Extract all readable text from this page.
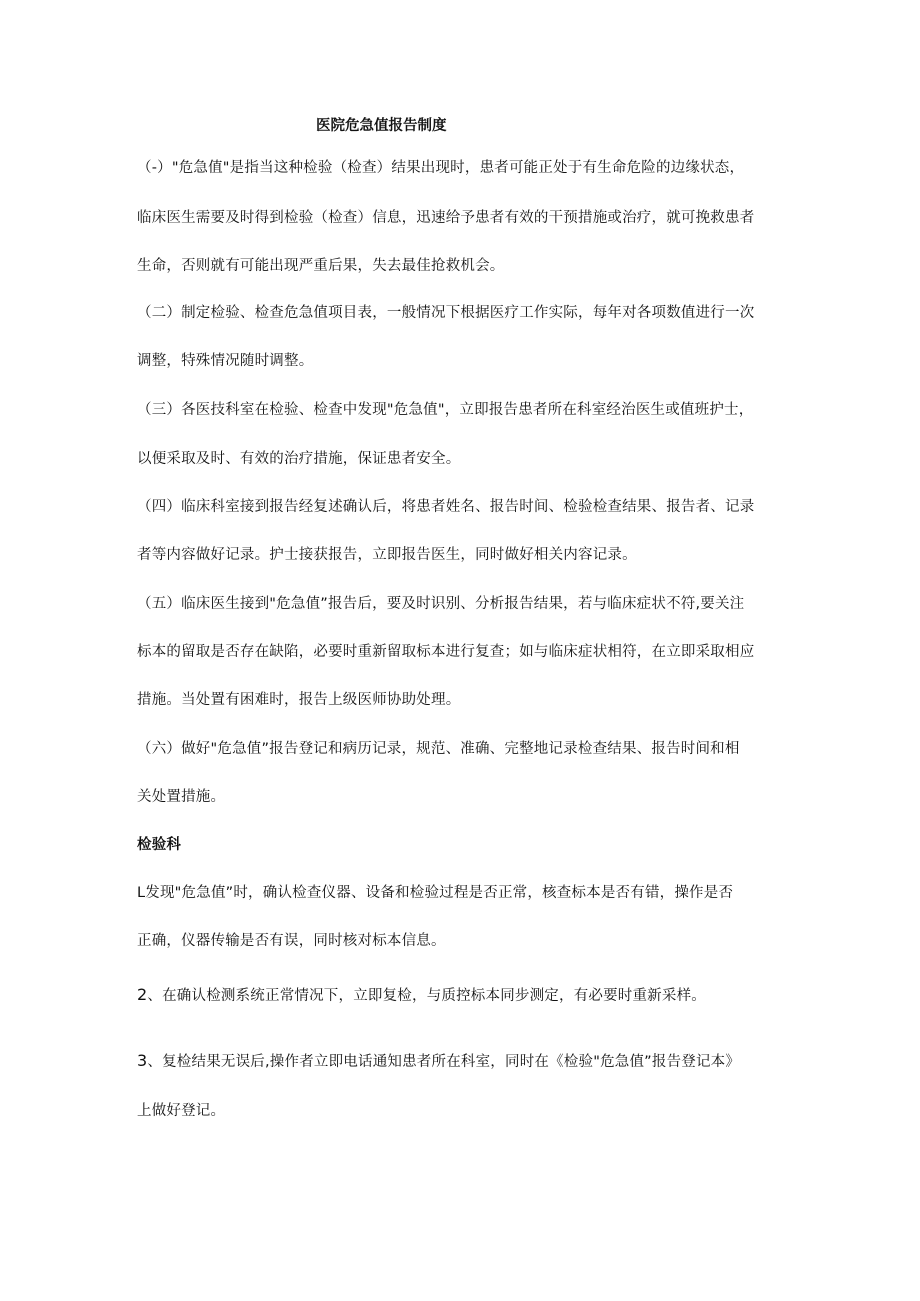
医院危急值报告制度
（-）"危急值"是指当这种检验（检查）结果出现时，患者可能正处于有生命危险的边缘状态，
临床医生需要及时得到检验（检查）信息，迅速给予患者有效的干预措施或治疗，就可挽救患者
生命，否则就有可能出现严重后果，失去最佳抢救机会。
（二）制定检验、检查危急值项目表，一般情况下根据医疗工作实际，每年对各项数值进行一次
调整，特殊情况随时调整。
（三）各医技科室在检验、检查中发现"危急值"，立即报告患者所在科室经治医生或值班护士，
以便采取及时、有效的治疗措施，保证患者安全。
（四）临床科室接到报告经复述确认后，将患者姓名、报告时间、检验检查结果、报告者、记录
者等内容做好记录。护士接获报告，立即报告医生，同时做好相关内容记录。
（五）临床医生接到"危急值”报告后，要及时识别、分析报告结果，若与临床症状不符,要关注
标本的留取是否存在缺陷，必要时重新留取标本进行复查；如与临床症状相符，在立即采取相应
措施。当处置有困难时，报告上级医师协助处理。
（六）做好"危急值”报告登记和病历记录，规范、准确、完整地记录检查结果、报告时间和相
关处置措施。
检验科
L发现"危急值”时，确认检查仪器、设备和检验过程是否正常，核查标本是否有错，操作是否
正确，仪器传输是否有误，同时核对标本信息。
2、在确认检测系统正常情况下，立即复检，与质控标本同步测定，有必要时重新采样。
3、复检结果无误后,操作者立即电话通知患者所在科室，同时在《检验"危急值”报告登记本》
上做好登记。
